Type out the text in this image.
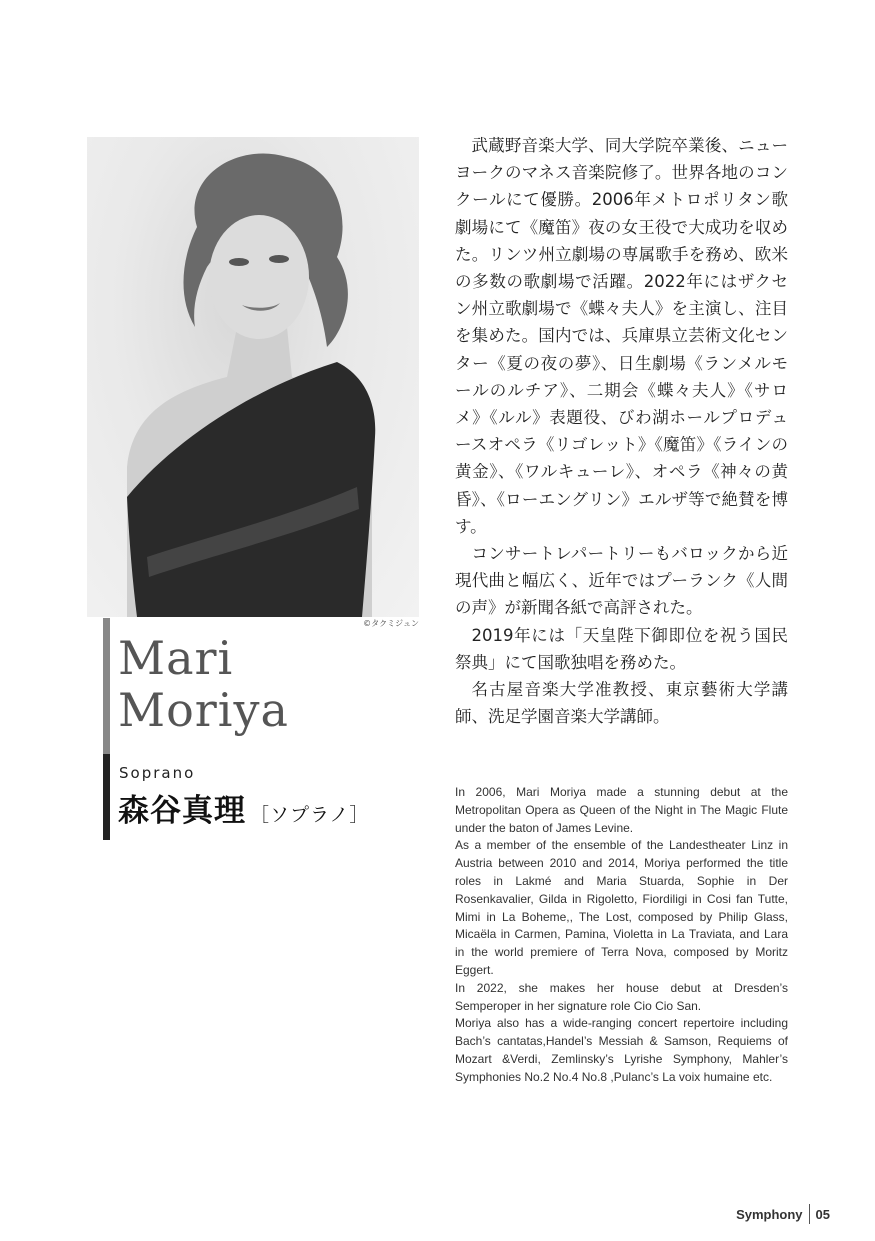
©タクミジュン
Mari
Moriya
Soprano
森谷真理 ［ソプラノ］

武蔵野音楽大学、同大学院卒業後、ニューヨークのマネス音楽院修了。世界各地のコンクールにて優勝。2006年メトロポリタン歌劇場にて《魔笛》夜の女王役で大成功を収めた。リンツ州立劇場の専属歌手を務め、欧米の多数の歌劇場で活躍。2022年にはザクセン州立歌劇場で《蝶々夫人》を主演し、注目を集めた。国内では、兵庫県立芸術文化センター《夏の夜の夢》、日生劇場《ランメルモールのルチア》、二期会《蝶々夫人》《サロメ》《ルル》表題役、びわ湖ホールプロデュースオペラ《リゴレット》《魔笛》《ラインの黄金》、《ワルキューレ》、オペラ《神々の黄昏》、《ローエングリン》エルザ等で絶賛を博す。

コンサートレパートリーもバロックから近現代曲と幅広く、近年ではプーランク《人間の声》が新聞各紙で高評された。

2019年には「天皇陛下御即位を祝う国民祭典」にて国歌独唱を務めた。

名古屋音楽大学准教授、東京藝術大学講師、洗足学園音楽大学講師。

In 2006, Mari Moriya made a stunning debut at the Metropolitan Opera as Queen of the Night in The Magic Flute under the baton of James Levine.

As a member of the ensemble of the Landestheater Linz in Austria between 2010 and 2014, Moriya performed the title roles in Lakmé and Maria Stuarda, Sophie in Der Rosenkavalier, Gilda in Rigoletto, Fiordiligi in Cosi fan Tutte, Mimi in La Boheme,, The Lost, composed by Philip Glass, Micaëla in Carmen, Pamina, Violetta in La Traviata, and Lara in the world premiere of Terra Nova, composed by Moritz Eggert.

In 2022, she makes her house debut at Dresden’s Semperoper in her signature role Cio Cio San.

Moriya also has a wide-ranging concert repertoire including Bach’s cantatas,Handel’s Messiah & Samson, Requiems of Mozart &Verdi, Zemlinsky’s Lyrishe Symphony, Mahler’s Symphonies No.2 No.4 No.8 ,Pulanc’s La voix humaine etc.

Symphony 05
